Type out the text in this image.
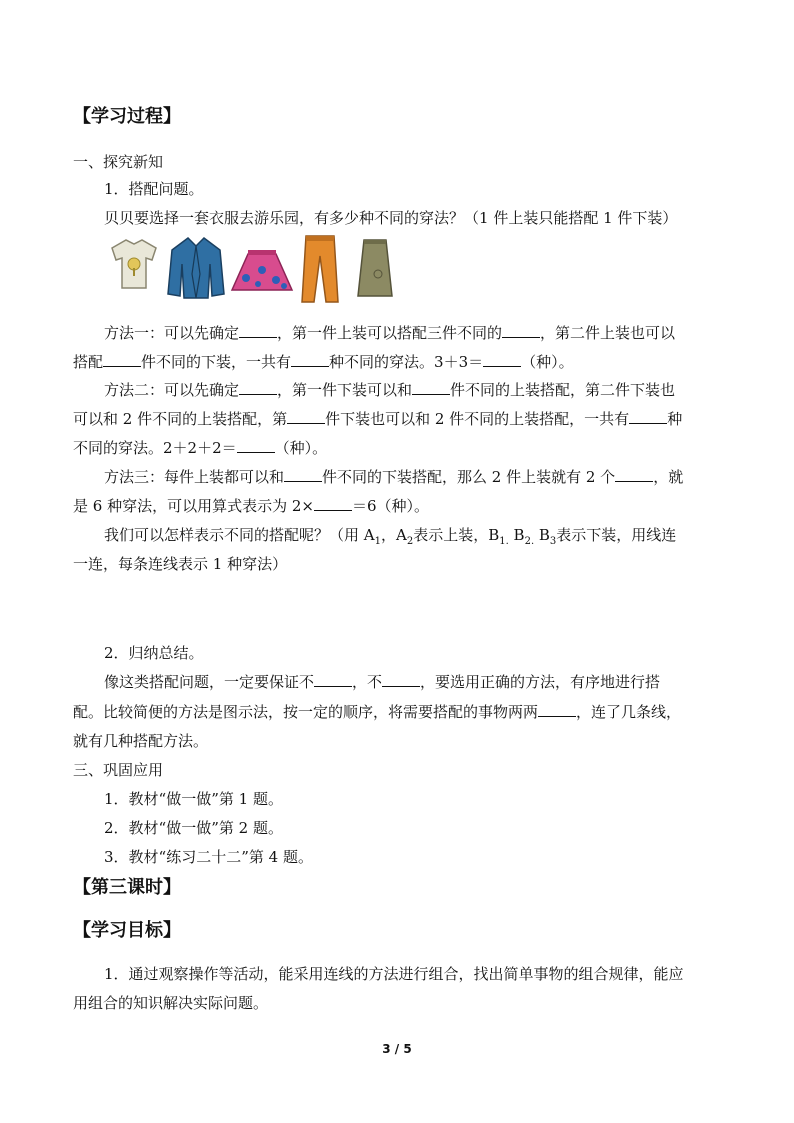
【学习过程】
一、探究新知
1．搭配问题。
贝贝要选择一套衣服去游乐园，有多少种不同的穿法？（1 件上装只能搭配 1 件下装）
方法一：可以先确定	，第一件上装可以搭配三件不同的	，第二件上装也可以
搭配	件不同的下装，一共有	种不同的穿法。3＋3＝	（种）。
方法二：可以先确定	，第一件下装可以和	件不同的上装搭配，第二件下装也
可以和 2 件不同的上装搭配，第	件下装也可以和 2 件不同的上装搭配，一共有	种
不同的穿法。2＋2＋2＝	（种）。
方法三：每件上装都可以和	件不同的下装搭配，那么 2 件上装就有 2 个	，就
是 6 种穿法，可以用算式表示为 2×	＝6（种）。
我们可以怎样表示不同的搭配呢？（用 $A_1$，$A_2$表示上装，$B_{1.}$ $B_{2.}$ $B_3$表示下装，用线连
一连，每条连线表示 1 种穿法）
2．归纳总结。
像这类搭配问题，一定要保证不	，不	，要选用正确的方法，有序地进行搭
配。比较简便的方法是图示法，按一定的顺序，将需要搭配的事物两两	，连了几条线，
就有几种搭配方法。
三、巩固应用
1．教材“做一做”第 1 题。
2．教材“做一做”第 2 题。
3．教材“练习二十二”第 4 题。
【第三课时】
【学习目标】
1．通过观察操作等活动，能采用连线的方法进行组合，找出简单事物的组合规律，能应
用组合的知识解决实际问题。
3 / 5
